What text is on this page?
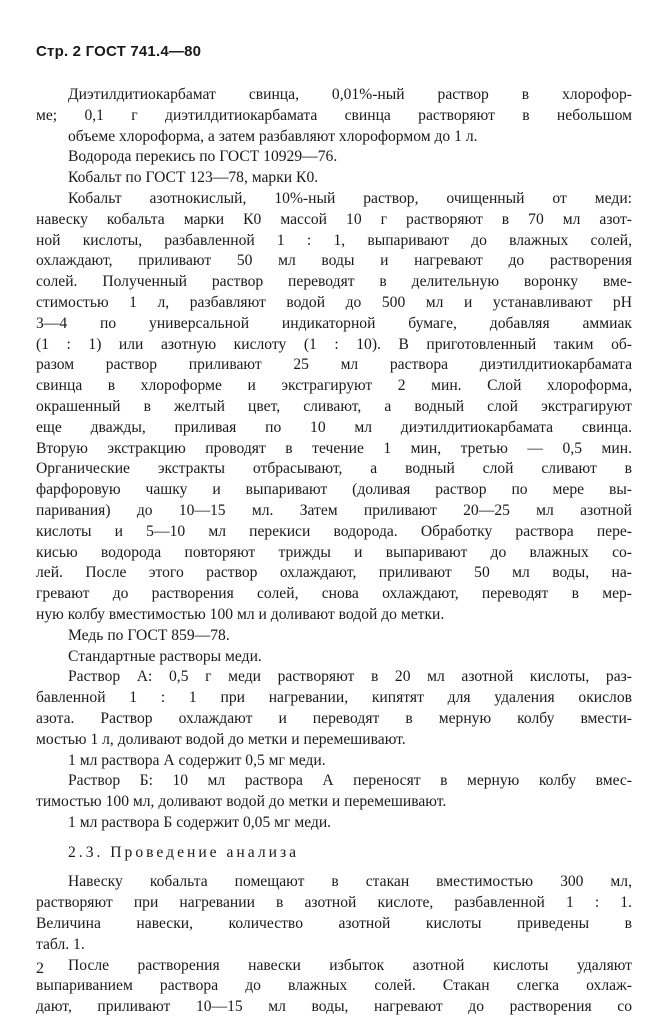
Стр. 2 ГОСТ 741.4—80
Диэтилдитиокарбамат свинца, 0,01%-ный раствор в хлорофор-
ме; 0,1 г диэтилдитиокарбамата свинца растворяют в небольшом
объеме хлороформа, а затем разбавляют хлороформом до 1 л.
Водорода перекись по ГОСТ 10929—76.
Кобальт по ГОСТ 123—78, марки К0.
Кобальт азотнокислый, 10%-ный раствор, очищенный от меди:
навеску кобальта марки К0 массой 10 г растворяют в 70 мл азот-
ной кислоты, разбавленной 1 : 1, выпаривают до влажных солей,
охлаждают, приливают 50 мл воды и нагревают до растворения
солей. Полученный раствор переводят в делительную воронку вме-
стимостью 1 л, разбавляют водой до 500 мл и устанавливают pH
3—4 по универсальной индикаторной бумаге, добавляя аммиак
(1 : 1) или азотную кислоту (1 : 10). В приготовленный таким об-
разом раствор приливают 25 мл раствора диэтилдитиокарбамата
свинца в хлороформе и экстрагируют 2 мин. Слой хлороформа,
окрашенный в желтый цвет, сливают, а водный слой экстрагируют
еще дважды, приливая по 10 мл диэтилдитиокарбамата свинца.
Вторую экстракцию проводят в течение 1 мин, третью — 0,5 мин.
Органические экстракты отбрасывают, а водный слой сливают в
фарфоровую чашку и выпаривают (доливая раствор по мере вы-
паривания) до 10—15 мл. Затем приливают 20—25 мл азотной
кислоты и 5—10 мл перекиси водорода. Обработку раствора пере-
кисью водорода повторяют трижды и выпаривают до влажных со-
лей. После этого раствор охлаждают, приливают 50 мл воды, на-
гревают до растворения солей, снова охлаждают, переводят в мер-
ную колбу вместимостью 100 мл и доливают водой до метки.
Медь по ГОСТ 859—78.
Стандартные растворы меди.
Раствор А: 0,5 г меди растворяют в 20 мл азотной кислоты, раз-
бавленной 1 : 1 при нагревании, кипятят для удаления окислов
азота. Раствор охлаждают и переводят в мерную колбу вмести-
мостью 1 л, доливают водой до метки и перемешивают.
1 мл раствора А содержит 0,5 мг меди.
Раствор Б: 10 мл раствора А переносят в мерную колбу вмес-
тимостью 100 мл, доливают водой до метки и перемешивают.
1 мл раствора Б содержит 0,05 мг меди.
2.3. Проведение анализа
Навеску кобальта помещают в стакан вместимостью 300 мл,
растворяют при нагревании в азотной кислоте, разбавленной 1 : 1.
Величина навески, количество азотной кислоты приведены в
табл. 1.
После растворения навески избыток азотной кислоты удаляют
выпариванием раствора до влажных солей. Стакан слегка охлаж-
дают, приливают 10—15 мл воды, нагревают до растворения со
2
